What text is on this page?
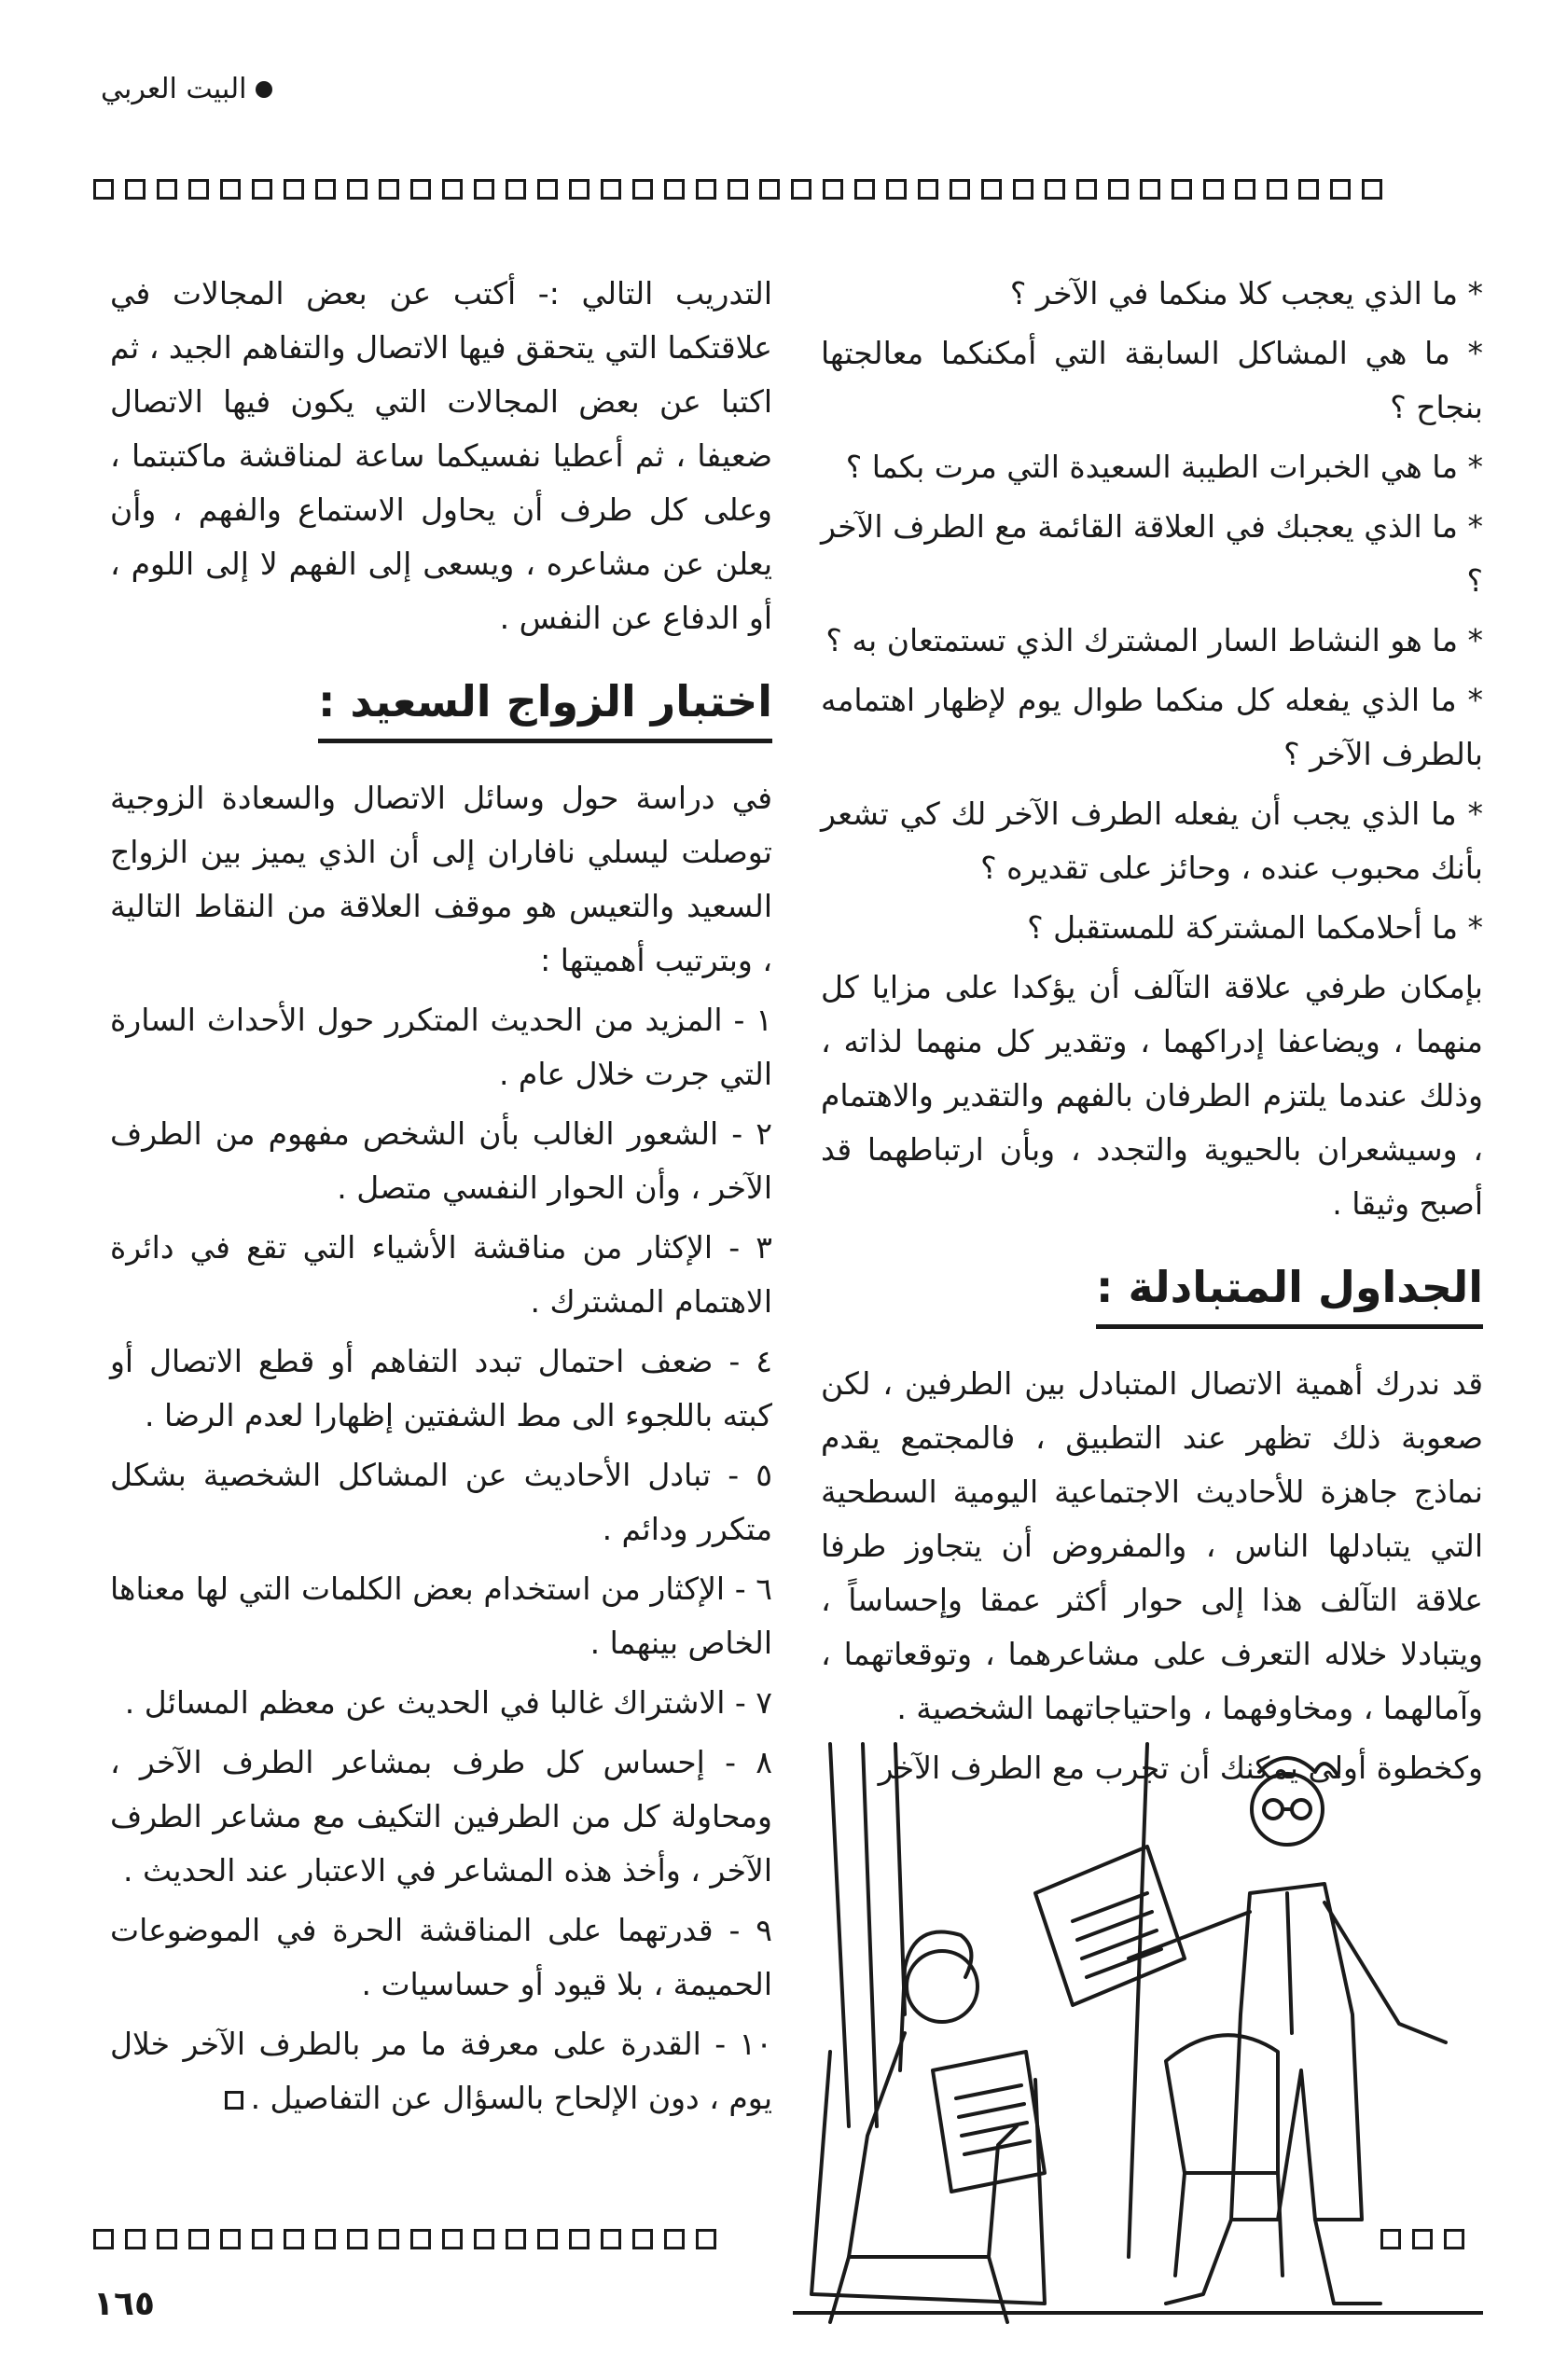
البيت العربي

* ما الذي يعجب كلا منكما في الآخر ؟

* ما هي المشاكل السابقة التي أمكنكما معالجتها بنجاح ؟

* ما هي الخبرات الطيبة السعيدة التي مرت بكما ؟

* ما الذي يعجبك في العلاقة القائمة مع الطرف الآخر ؟

* ما هو النشاط السار المشترك الذي تستمتعان به ؟

* ما الذي يفعله كل منكما طوال يوم لإظهار اهتمامه بالطرف الآخر ؟

* ما الذي يجب أن يفعله الطرف الآخر لك كي تشعر بأنك محبوب عنده ، وحائز على تقديره ؟

* ما أحلامكما المشتركة للمستقبل ؟

بإمكان طرفي علاقة التآلف أن يؤكدا على مزايا كل منهما ، ويضاعفا إدراكهما ، وتقدير كل منهما لذاته ، وذلك عندما يلتزم الطرفان بالفهم والتقدير والاهتمام ، وسيشعران بالحيوية والتجدد ، وبأن ارتباطهما قد أصبح وثيقا .

الجداول المتبادلة :

قد ندرك أهمية الاتصال المتبادل بين الطرفين ، لكن صعوبة ذلك تظهر عند التطبيق ، فالمجتمع يقدم نماذج جاهزة للأحاديث الاجتماعية اليومية السطحية التي يتبادلها الناس ، والمفروض أن يتجاوز طرفا علاقة التآلف هذا إلى حوار أكثر عمقا وإحساساً ، ويتبادلا خلاله التعرف على مشاعرهما ، وتوقعاتهما ، وآمالهما ، ومخاوفهما ، واحتياجاتهما الشخصية .

وكخطوة أولى يمكنك أن تجرب مع الطرف الآخر

التدريب التالي :- أكتب عن بعض المجالات في علاقتكما التي يتحقق فيها الاتصال والتفاهم الجيد ، ثم اكتبا عن بعض المجالات التي يكون فيها الاتصال ضعيفا ، ثم أعطيا نفسيكما ساعة لمناقشة ماكتبتما ، وعلى كل طرف أن يحاول الاستماع والفهم ، وأن يعلن عن مشاعره ، ويسعى إلى الفهم لا إلى اللوم ، أو الدفاع عن النفس .

اختبار الزواج السعيد :

في دراسة حول وسائل الاتصال والسعادة الزوجية توصلت ليسلي نافاران إلى أن الذي يميز بين الزواج السعيد والتعيس هو موقف العلاقة من النقاط التالية ، وبترتيب أهميتها :

١ - المزيد من الحديث المتكرر حول الأحداث السارة التي جرت خلال عام .

٢ - الشعور الغالب بأن الشخص مفهوم من الطرف الآخر ، وأن الحوار النفسي متصل .

٣ - الإكثار من مناقشة الأشياء التي تقع في دائرة الاهتمام المشترك .

٤ - ضعف احتمال تبدد التفاهم أو قطع الاتصال أو كبته باللجوء الى مط الشفتين إظهارا لعدم الرضا .

٥ - تبادل الأحاديث عن المشاكل الشخصية بشكل متكرر ودائم .

٦ - الإكثار من استخدام بعض الكلمات التي لها معناها الخاص بينهما .

٧ - الاشتراك غالبا في الحديث عن معظم المسائل .

٨ - إحساس كل طرف بمشاعر الطرف الآخر ، ومحاولة كل من الطرفين التكيف مع مشاعر الطرف الآخر ، وأخذ هذه المشاعر في الاعتبار عند الحديث .

٩ - قدرتهما على المناقشة الحرة في الموضوعات الحميمة ، بلا قيود أو حساسيات .

١٠ - القدرة على معرفة ما مر بالطرف الآخر خلال يوم ، دون الإلحاح بالسؤال عن التفاصيل .

١٦٥
